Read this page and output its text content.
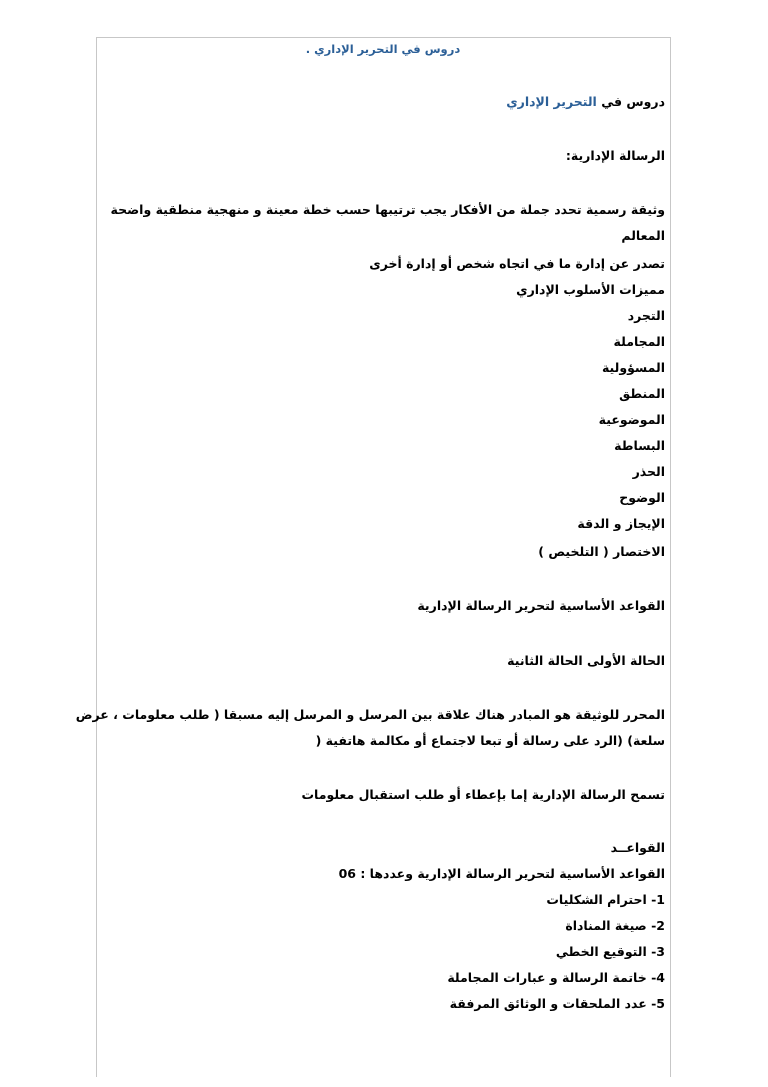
دروس في التحرير الإداري .
دروس في التحرير الإداري
الرسالة الإدارية:
وثيقة رسمية تحدد جملة من الأفكار يجب ترتيبها حسب خطة معينة و منهجية منطقية واضحة
المعالم
تصدر عن إدارة ما في اتجاه شخص أو إدارة أخرى
مميزات الأسلوب الإداري
التجرد
المجاملة
المسؤولية
المنطق
الموضوعية
البساطة
الحذر
الوضوح
الإيجاز و الدقة
الاختصار ( التلخيص )
القواعد الأساسية لتحرير الرسالة الإدارية
الحالة الأولى الحالة الثانية
المحرر للوثيقة هو المبادر هناك علاقة بين المرسل و المرسل إليه مسبقا ( طلب معلومات ، عرض
سلعة) (الرد على رسالة أو تبعا لاجتماع أو مكالمة هاتفية (
تسمح الرسالة الإدارية إما بإعطاء أو طلب استقبال معلومات
القواعــد
القواعد الأساسية لتحرير الرسالة الإدارية وعددها : 06
1- احترام الشكليات
2- صيغة المناداة
3- التوقيع الخطي
4- خاتمة الرسالة و عبارات المجاملة
5- عدد الملحقات و الوثائق المرفقة
